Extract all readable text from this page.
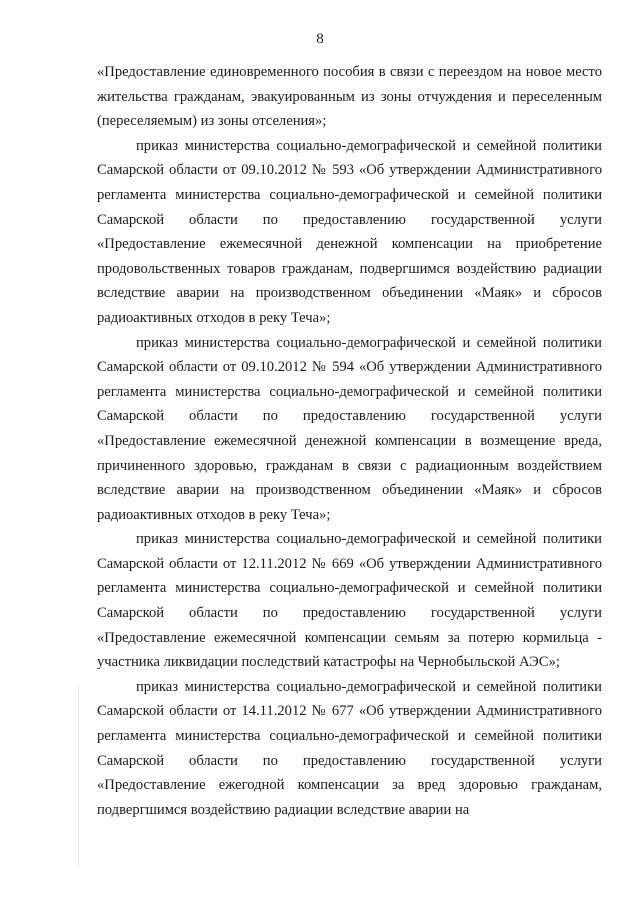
8

«Предоставление единовременного пособия в связи с переездом на новое место жительства гражданам, эвакуированным из зоны отчуждения и переселенным (переселяемым) из зоны отселения»;

приказ министерства социально-демографической и семейной политики Самарской области от 09.10.2012 № 593 «Об утверждении Административного регламента министерства социально-демографической и семейной политики Самарской области по предоставлению государственной услуги «Предоставление ежемесячной денежной компенсации на приобретение продовольственных товаров гражданам, подвергшимся воздействию радиации вследствие аварии на производственном объединении «Маяк» и сбросов радиоактивных отходов в реку Теча»;

приказ министерства социально-демографической и семейной политики Самарской области от 09.10.2012 № 594 «Об утверждении Административного регламента министерства социально-демографической и семейной политики Самарской области по предоставлению государственной услуги «Предоставление ежемесячной денежной компенсации в возмещение вреда, причиненного здоровью, гражданам в связи с радиационным воздействием вследствие аварии на производственном объединении «Маяк» и сбросов радиоактивных отходов в реку Теча»;

приказ министерства социально-демографической и семейной политики Самарской области от 12.11.2012 № 669 «Об утверждении Административного регламента министерства социально-демографической и семейной политики Самарской области по предоставлению государственной услуги «Предоставление ежемесячной компенсации семьям за потерю кормильца - участника ликвидации последствий катастрофы на Чернобыльской АЭС»;

приказ министерства социально-демографической и семейной политики Самарской области от 14.11.2012 № 677 «Об утверждении Административного регламента министерства социально-демографической и семейной политики Самарской области по предоставлению государственной услуги «Предоставление ежегодной компенсации за вред здоровью гражданам, подвергшимся воздействию радиации вследствие аварии на
